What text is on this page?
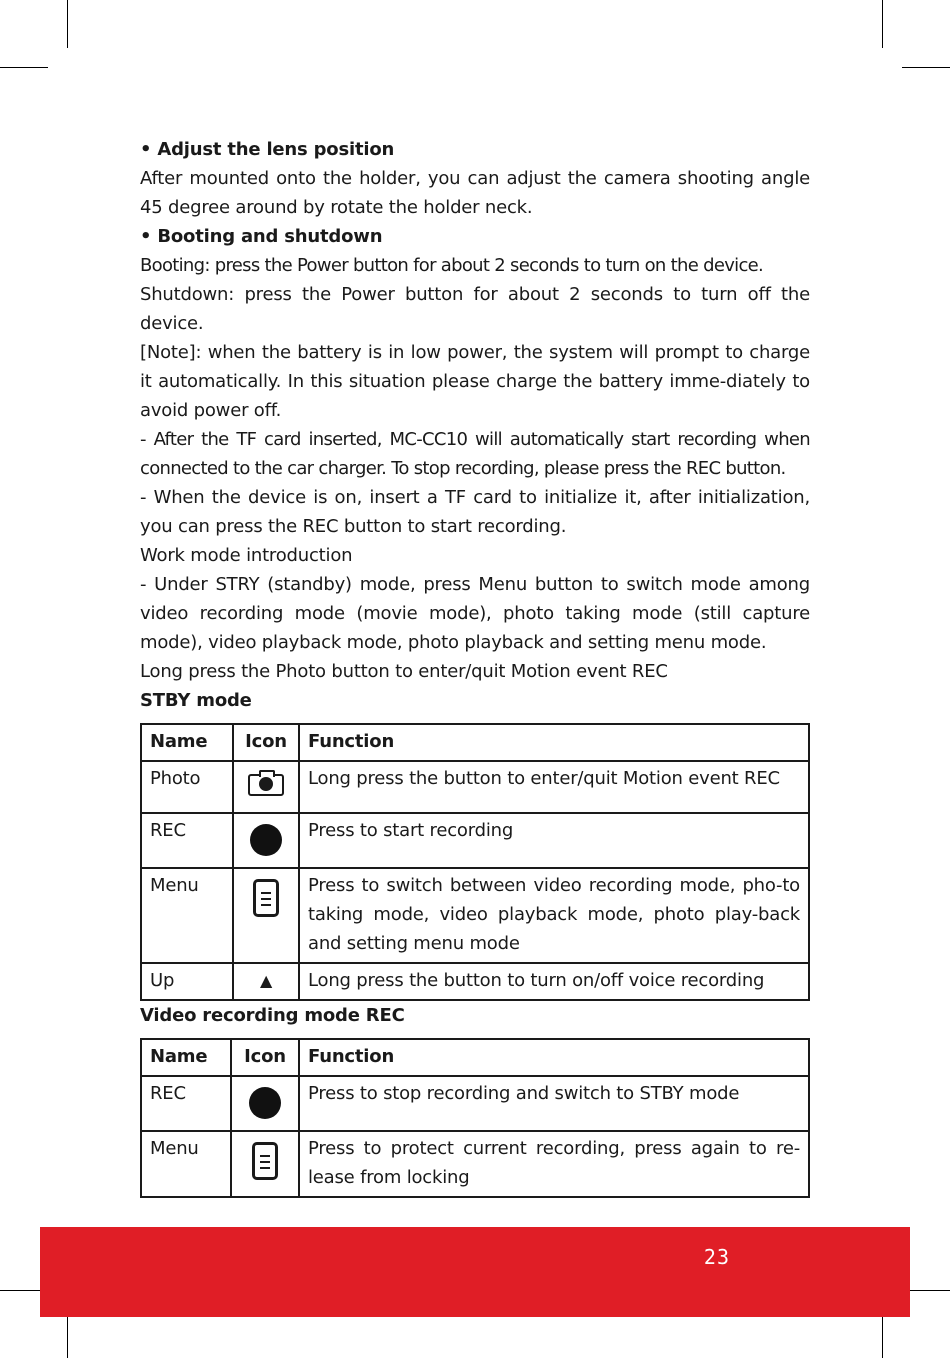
• Adjust the lens position

After mounted onto the holder, you can adjust the camera shooting angle 45 degree around by rotate the holder neck.

• Booting and shutdown

Booting: press the Power button for about 2 seconds to turn on the device.

Shutdown: press the Power button for about 2 seconds to turn off the device.

[Note]: when the battery is in low power, the system will prompt to charge it automatically. In this situation please charge the battery imme-diately to avoid power off.

- After the TF card inserted, MC-CC10 will automatically start recording when connected to the car charger. To stop recording, please press the REC button.

- When the device is on, insert a TF card to initialize it, after initialization, you can press the REC button to start recording.

Work mode introduction

- Under STRY (standby) mode, press Menu button to switch mode among video recording mode (movie mode), photo taking mode (still capture mode), video playback mode, photo playback and setting menu mode.

Long press the Photo button to enter/quit Motion event REC

STBY mode

Name	Icon	Function
Photo		Long press the button to enter/quit Motion event REC
REC		Press to start recording
Menu		Press to switch between video recording mode, pho-to taking mode, video playback mode, photo play-back and setting menu mode
Up	▲	Long press the button to turn on/off voice recording

Video recording mode REC

Name	Icon	Function
REC		Press to stop recording and switch to STBY mode
Menu		Press to protect current recording, press again to re-lease from locking
23
